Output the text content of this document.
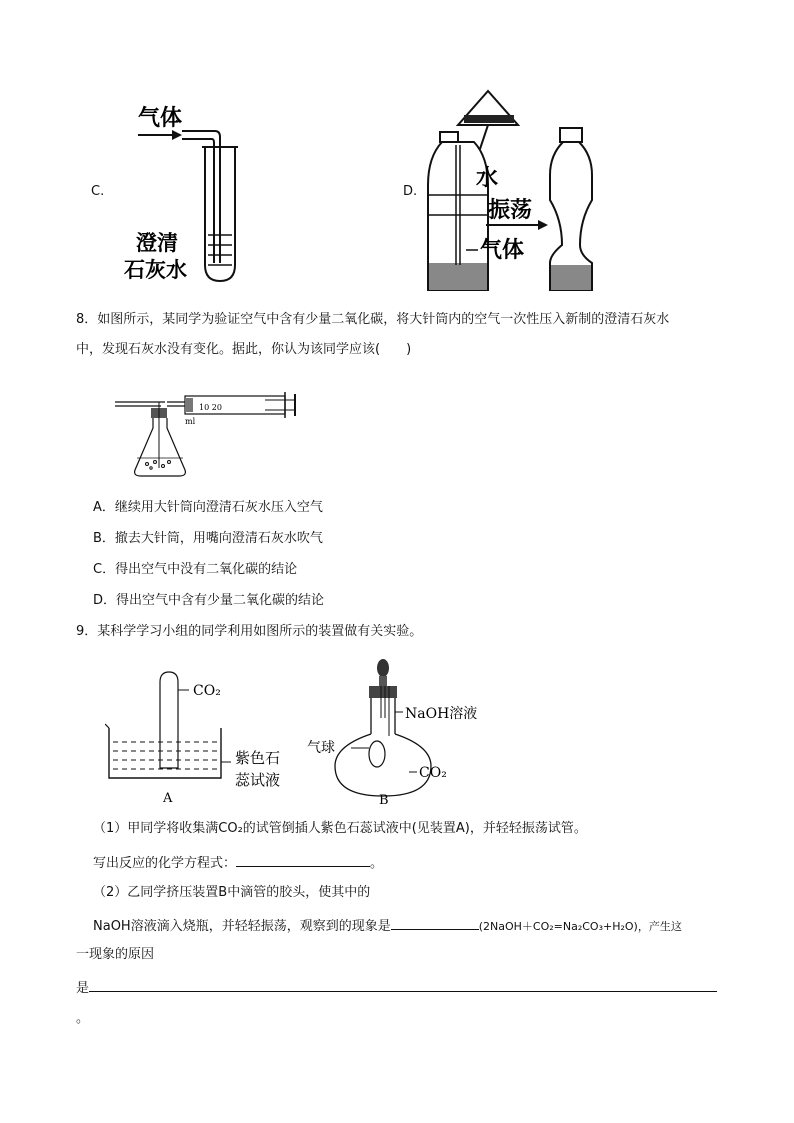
C.
气体
澄清
石灰水
D.
水
振荡
气体
8．如图所示，某同学为验证空气中含有少量二氧化碳，将大针筒内的空气一次性压入新制的澄清石灰水
中，发现石灰水没有变化。据此，你认为该同学应该(　　)
10 20
ml
A．继续用大针筒向澄清石灰水压入空气
B．撤去大针筒，用嘴向澄清石灰水吹气
C．得出空气中没有二氧化碳的结论
D．得出空气中含有少量二氧化碳的结论
9．某科学学习小组的同学利用如图所示的装置做有关实验。
CO₂
紫色石
蕊试液
A
NaOH溶液
气球
CO₂
B
（1）甲同学将收集满CO₂的试管倒插人紫色石蕊试液中(见装置A)，并轻轻振荡试管。
写出反应的化学方程式：	。
（2）乙同学挤压装置B中滴管的胶头，使其中的
NaOH溶液滴入烧瓶，并轻轻振荡，观察到的现象是	(2NaOH＋CO₂=Na₂CO₃+H₂O)，产生这
一现象的原因
是
。
